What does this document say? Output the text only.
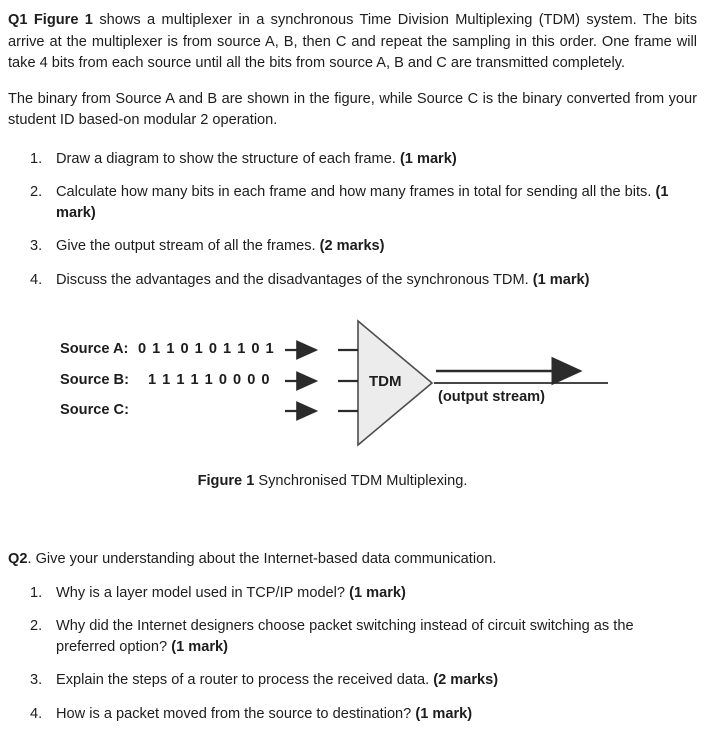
Q1 Figure 1 shows a multiplexer in a synchronous Time Division Multiplexing (TDM) system. The bits arrive at the multiplexer is from source A, B, then C and repeat the sampling in this order. One frame will take 4 bits from each source until all the bits from source A, B and C are transmitted completely.

The binary from Source A and B are shown in the figure, while Source C is the binary converted from your student ID based-on modular 2 operation.

1. Draw a diagram to show the structure of each frame. (1 mark)
2. Calculate how many bits in each frame and how many frames in total for sending all the bits. (1 mark)
3. Give the output stream of all the frames. (2 marks)
4. Discuss the advantages and the disadvantages of the synchronous TDM. (1 mark)
Source A: 0 1 1 0 1 0 1 1 0 1
Source B: 1 1 1 1 1 0 0 0 0
Source C:
TDM
(output stream)
Figure 1 Synchronised TDM Multiplexing.

Q2. Give your understanding about the Internet-based data communication.

1. Why is a layer model used in TCP/IP model? (1 mark)
2. Why did the Internet designers choose packet switching instead of circuit switching as the preferred option? (1 mark)
3. Explain the steps of a router to process the received data. (2 marks)
4. How is a packet moved from the source to destination? (1 mark)
